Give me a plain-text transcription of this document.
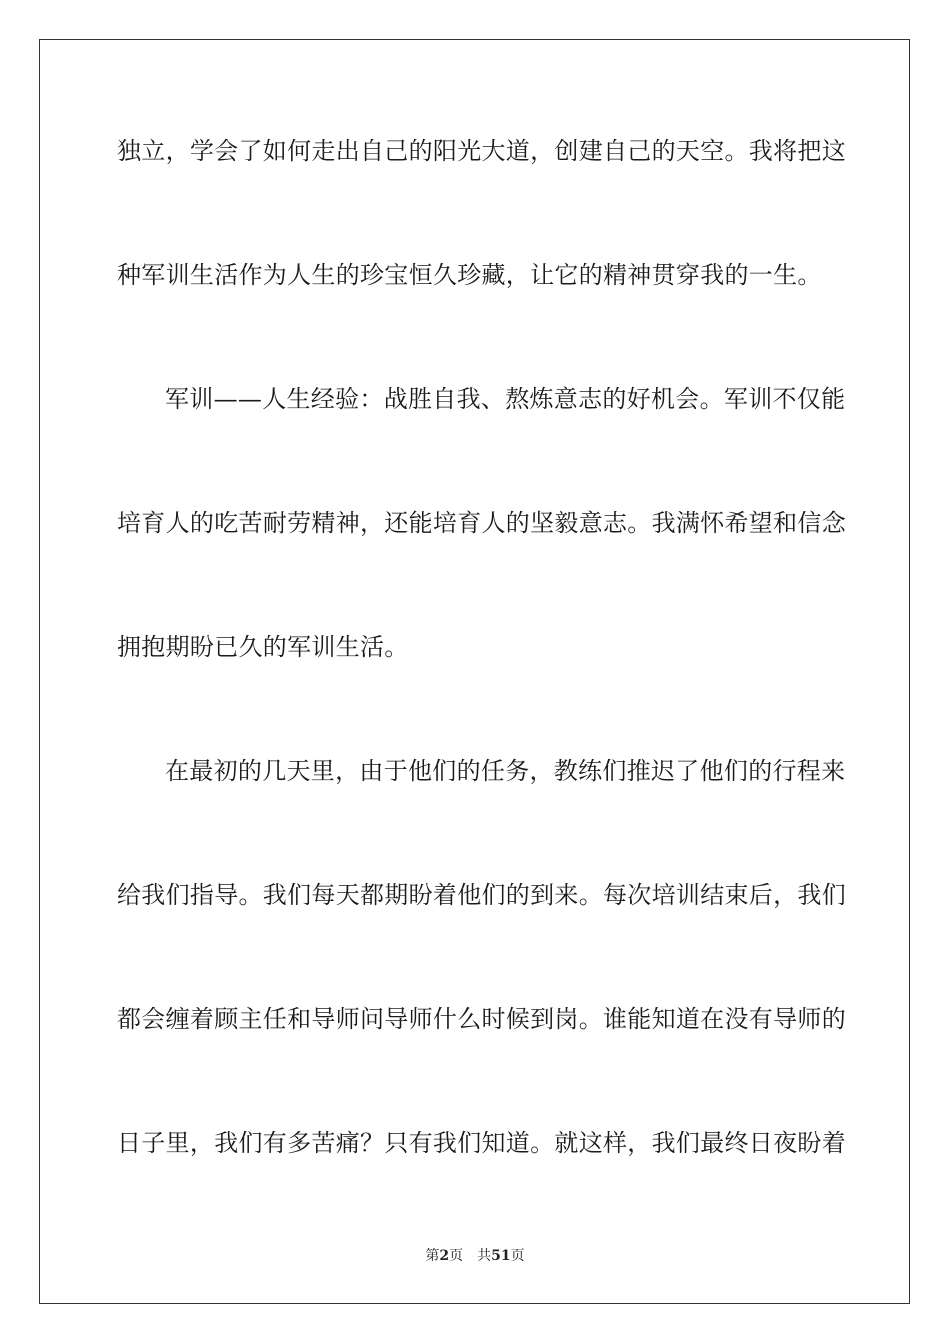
独立，学会了如何走出自己的阳光大道，创建自己的天空。我将把这
种军训生活作为人生的珍宝恒久珍藏，让它的精神贯穿我的一生。
军训——人生经验：战胜自我、熬炼意志的好机会。军训不仅能
培育人的吃苦耐劳精神，还能培育人的坚毅意志。我满怀希望和信念
拥抱期盼已久的军训生活。
在最初的几天里，由于他们的任务，教练们推迟了他们的行程来
给我们指导。我们每天都期盼着他们的到来。每次培训结束后，我们
都会缠着顾主任和导师问导师什么时候到岗。谁能知道在没有导师的
日子里，我们有多苦痛？只有我们知道。就这样，我们最终日夜盼着
第2页 共51页
